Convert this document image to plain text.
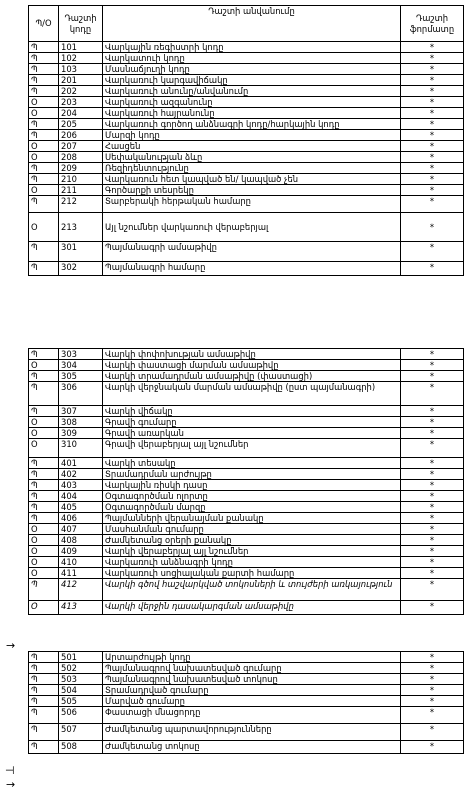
Պ/Օ	Դաշտի կոդը	Դաշտի անվանումը	Դաշտի ֆորմատը
Պ	101	Վարկային ռեգիստրի կոդը	*
Պ	102	Վարկատուի կոդը	*
Պ	103	Մասնաճյուղի կոդը	*
Պ	201	Վարկառուի կարգավիճակը	*
Պ	202	Վարկառուի անունը/անվանումը	*
Օ	203	Վարկառուի ազգանունը	*
Օ	204	Վարկառուի հայրանունը	*
Պ	205	Վարկառուի գործող անձնագրի կոդը/հարկային կոդը	*
Պ	206	Մարզի կոդը	*
Օ	207	Հասցեն	*
Օ	208	Սեփականության ձևը	*
Պ	209	Ռեզիդենտությունը	*
Պ	210	Վարկառուն հետ կապված են/ կապված չեն	*
Օ	211	Գործարքի տեսրեկը	*
Պ	212	Տարբերակի հերթական համարը	*
Օ	213	Այլ նշումներ վարկառուի վերաբերյալ	*
Պ	301	Պայմանագրի ամսաթիվը	*
Պ	302	Պայմանագրի համարը	*
Պ	303	Վարկի փոփոխության ամսաթիվը	*
Օ	304	Վարկի փաստացի մարման ամսաթիվը	*
Պ	305	Վարկի տրամադրման ամսաթիվը (փաստացի)	*
Պ	306	Վարկի վերջնական մարման ամսաթիվը (ըստ պայմանագրի)	*
Պ	307	Վարկի վիճակը	*
Օ	308	Գրավի գումարը	*
Օ	309	Գրավի առարկան	*
Օ	310	Գրավի վերաբերյալ այլ նշումներ	*
Պ	401	Վարկի տեսակը	*
Պ	402	Տրամադրման արժույթը	*
Պ	403	Վարկային ռիսկի դասը	*
Պ	404	Օգտագործման ոլորտը	*
Պ	405	Օգտագործման մարզը	*
Պ	406	Պայմանների վերանայման քանակը	*
Օ	407	Մասհանման գումարը	*
Օ	408	Ժամկետանց օրերի քանակը	*
Օ	409	Վարկի վերաբերյալ այլ նշումներ	*
Օ	410	Վարկառուի անձնագրի կոդը	*
Օ	411	Վարկառուի սոցիալական քարտի համարը	*
Պ	412	Վարկի գծով հաշվարկված տոկոսների և տույժերի առկայություն	*
Օ	413	Վարկի վերջին դասակարգման ամսաթիվը	*
Պ	501	Արտարժույթի կոդը	*
Պ	502	Պայմանագրով նախատեսված գումարը	*
Պ	503	Պայմանագրով նախատեսված տոկոսը	*
Պ	504	Տրամադրված գումարը	*
Պ	505	Մարված գումարը	*
Պ	506	Փաստացի մնացորդը	*
Պ	507	Ժամկետանց պարտավորությունները	*
Պ	508	Ժամկետանց տոկոսը	*
→
⊣
→
